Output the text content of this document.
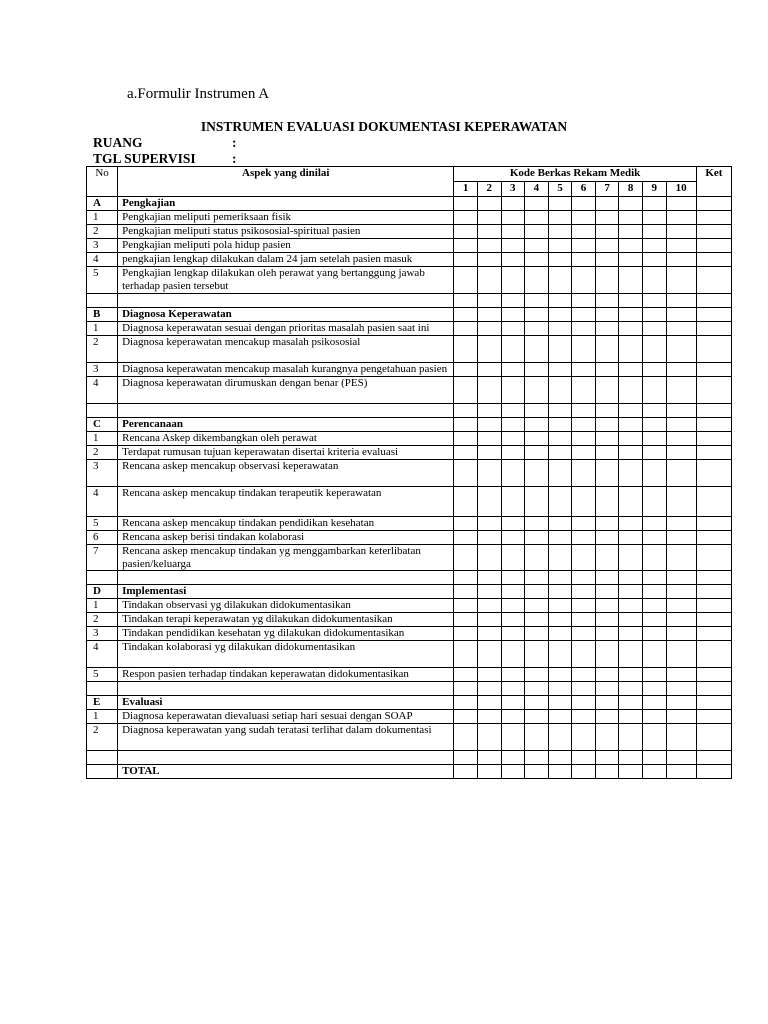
a.Formulir Instrumen A
INSTRUMEN EVALUASI DOKUMENTASI KEPERAWATAN
RUANG	:
TGL SUPERVISI	:
No	Aspek yang dinilai	Kode Berkas Rekam Medik										Ket
		1	2	3	4	5	6	7	8	9	10	
A	Pengkajian											
1	Pengkajian meliputi pemeriksaan fisik											
2	Pengkajian meliputi status psikososial-spiritual pasien											
3	Pengkajian meliputi pola hidup pasien											
4	pengkajian lengkap dilakukan dalam 24 jam setelah pasien masuk											
5	Pengkajian lengkap dilakukan oleh perawat yang bertanggung jawab terhadap pasien tersebut											

B	Diagnosa Keperawatan											
1	Diagnosa keperawatan sesuai dengan prioritas masalah pasien saat ini											
2	Diagnosa keperawatan mencakup masalah psikososial											
3	Diagnosa keperawatan mencakup masalah kurangnya pengetahuan pasien											
4	Diagnosa keperawatan dirumuskan dengan benar (PES)											

C	Perencanaan											
1	Rencana Askep dikembangkan oleh perawat											
2	Terdapat rumusan tujuan keperawatan disertai kriteria evaluasi											
3	Rencana askep mencakup observasi keperawatan											
4	Rencana askep mencakup tindakan terapeutik keperawatan											
5	Rencana askep mencakup tindakan pendidikan kesehatan											
6	Rencana askep berisi tindakan kolaborasi											
7	Rencana askep mencakup tindakan yg menggambarkan keterlibatan pasien/keluarga											

D	Implementasi											
1	Tindakan observasi yg dilakukan didokumentasikan											
2	Tindakan terapi keperawatan yg dilakukan didokumentasikan											
3	Tindakan pendidikan kesehatan yg dilakukan didokumentasikan											
4	Tindakan kolaborasi yg dilakukan didokumentasikan											
5	Respon pasien terhadap tindakan keperawatan didokumentasikan											

E	Evaluasi											
1	Diagnosa keperawatan dievaluasi setiap hari sesuai dengan SOAP											
2	Diagnosa keperawatan yang sudah teratasi terlihat dalam dokumentasi											

	TOTAL											
